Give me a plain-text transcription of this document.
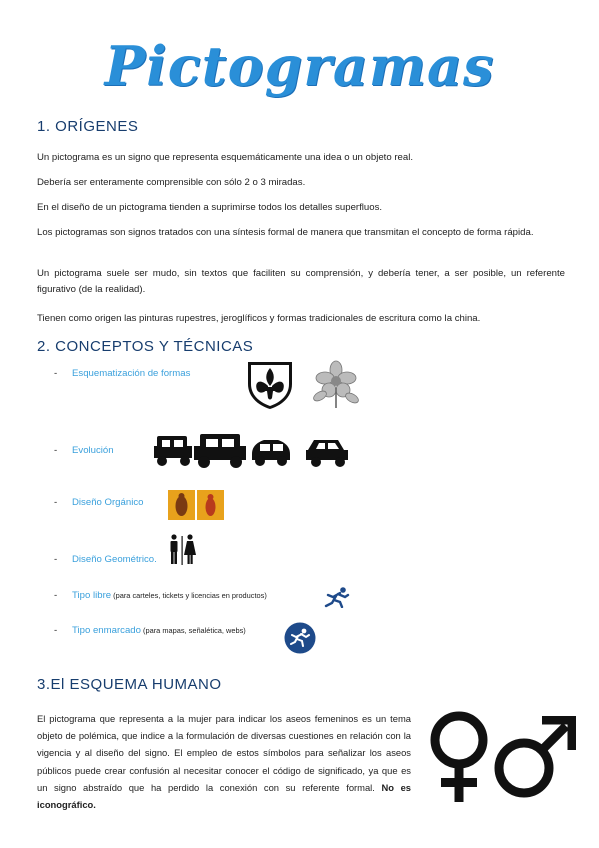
Pictogramas
1. ORÍGENES
Un pictograma es un signo que representa esquemáticamente una idea o un objeto real.
Debería ser enteramente comprensible con sólo 2 o 3 miradas.
En el diseño de un pictograma tienden a suprimirse todos los detalles superfluos.
Los pictogramas son signos tratados con una síntesis formal de manera que transmitan el concepto de forma rápida.
Un pictograma suele ser mudo, sin textos que faciliten su comprensión, y debería tener, a ser posible, un referente figurativo (de la realidad).
Tienen como origen las pinturas rupestres, jeroglíficos y formas tradicionales de escritura como la china.
2. CONCEPTOS Y TÉCNICAS
- Esquematización de formas
- Evolución
- Diseño Orgánico
- Diseño Geométrico.
- Tipo libre (para carteles, tickets y licencias en productos)
- Tipo enmarcado (para mapas, señalética, webs)
3.El ESQUEMA HUMANO
El pictograma que representa a la mujer para indicar los aseos femeninos es un tema objeto de polémica, que indice a la formulación de diversas cuestiones en relación con la vigencia y al diseño del signo. El empleo de estos símbolos para señalizar los aseos públicos puede crear confusión al necesitar conocer el código de significado, ya que es un signo abstraído que ha perdido la conexión con su referente formal. No es iconográfico.
